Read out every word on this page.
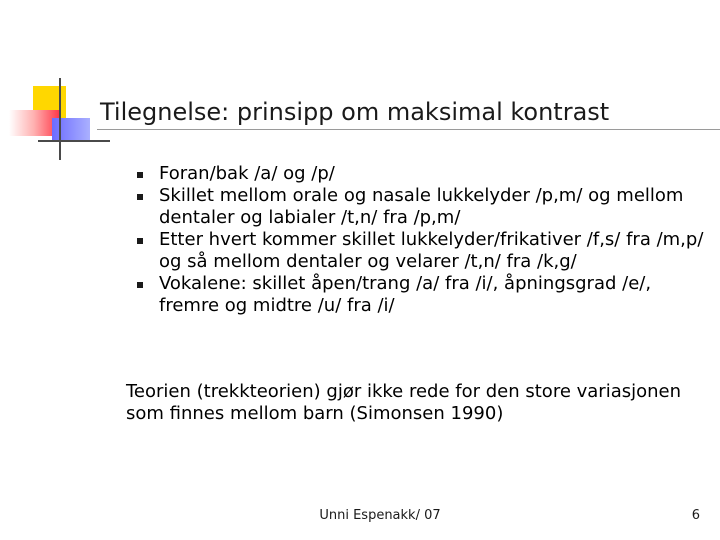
Tilegnelse: prinsipp om maksimal kontrast
Foran/bak /a/ og /p/
Skillet mellom orale og nasale lukkelyder /p,m/ og mellom
dentaler og labialer /t,n/ fra /p,m/
Etter hvert kommer skillet lukkelyder/frikativer /f,s/ fra /m,p/
og så mellom dentaler og velarer /t,n/ fra /k,g/
Vokalene: skillet åpen/trang /a/ fra /i/, åpningsgrad /e/,
fremre og midtre /u/ fra /i/
Teorien (trekkteorien) gjør ikke rede for den store variasjonen
som finnes mellom barn (Simonsen 1990)
Unni Espenakk/ 07	6
